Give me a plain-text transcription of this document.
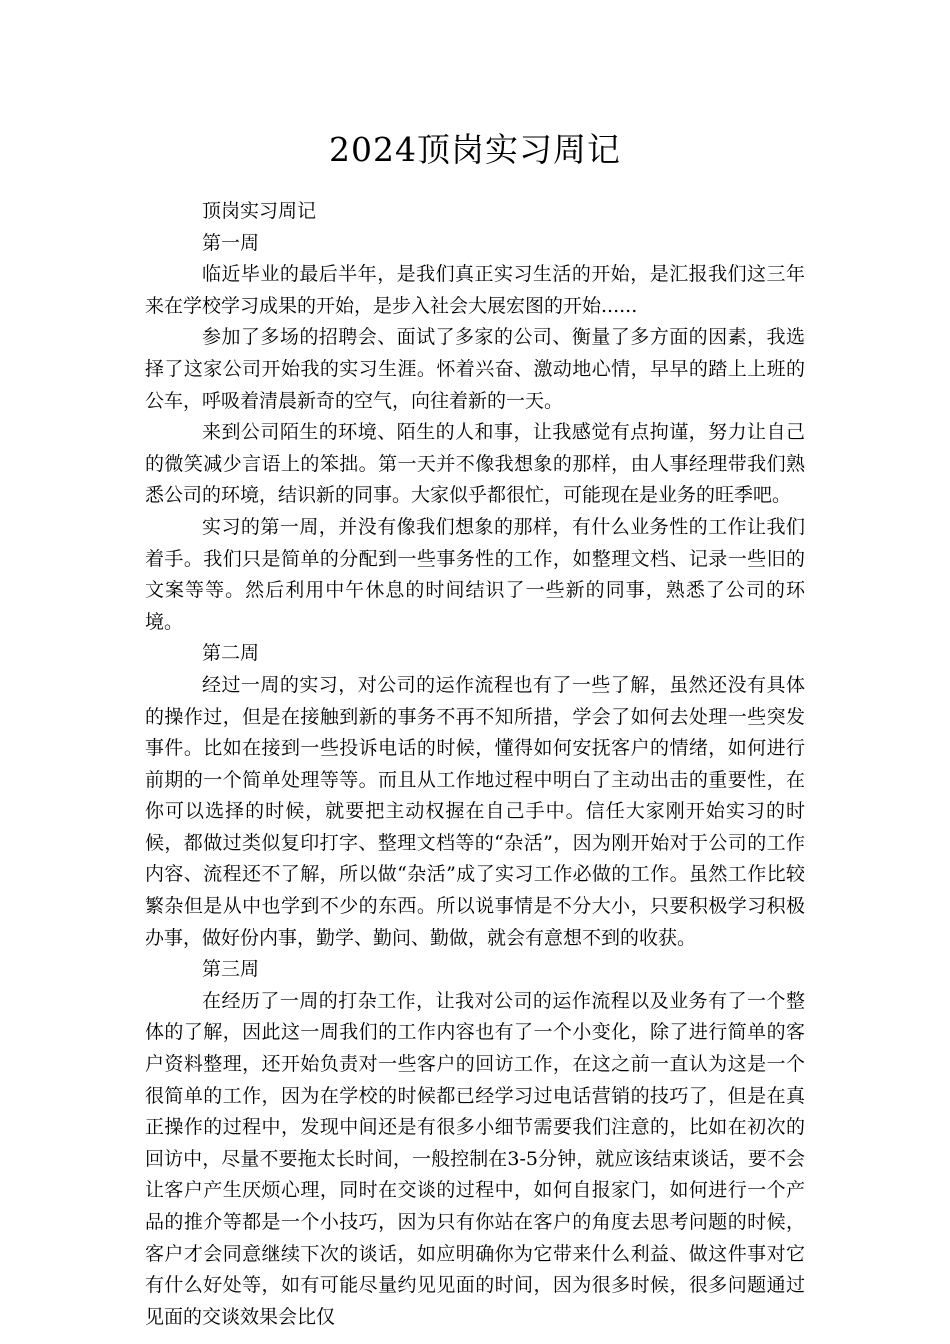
2024顶岗实习周记

顶岗实习周记

第一周

临近毕业的最后半年，是我们真正实习生活的开始，是汇报我们这三年来在学校学习成果的开始，是步入社会大展宏图的开始......

参加了多场的招聘会、面试了多家的公司、衡量了多方面的因素，我选择了这家公司开始我的实习生涯。怀着兴奋、激动地心情，早早的踏上上班的公车，呼吸着清晨新奇的空气，向往着新的一天。

来到公司陌生的环境、陌生的人和事，让我感觉有点拘谨，努力让自己的微笑减少言语上的笨拙。第一天并不像我想象的那样，由人事经理带我们熟悉公司的环境，结识新的同事。大家似乎都很忙，可能现在是业务的旺季吧。

实习的第一周，并没有像我们想象的那样，有什么业务性的工作让我们着手。我们只是简单的分配到一些事务性的工作，如整理文档、记录一些旧的文案等等。然后利用中午休息的时间结识了一些新的同事，熟悉了公司的环境。

第二周

经过一周的实习，对公司的运作流程也有了一些了解，虽然还没有具体的操作过，但是在接触到新的事务不再不知所措，学会了如何去处理一些突发事件。比如在接到一些投诉电话的时候，懂得如何安抚客户的情绪，如何进行前期的一个简单处理等等。而且从工作地过程中明白了主动出击的重要性，在你可以选择的时候，就要把主动权握在自己手中。信任大家刚开始实习的时候，都做过类似复印打字、整理文档等的“杂活”，因为刚开始对于公司的工作内容、流程还不了解，所以做“杂活”成了实习工作必做的工作。虽然工作比较繁杂但是从中也学到不少的东西。所以说事情是不分大小，只要积极学习积极办事，做好份内事，勤学、勤问、勤做，就会有意想不到的收获。

第三周

在经历了一周的打杂工作，让我对公司的运作流程以及业务有了一个整体的了解，因此这一周我们的工作内容也有了一个小变化，除了进行简单的客户资料整理，还开始负责对一些客户的回访工作，在这之前一直认为这是一个很简单的工作，因为在学校的时候都已经学习过电话营销的技巧了，但是在真正操作的过程中，发现中间还是有很多小细节需要我们注意的，比如在初次的回访中，尽量不要拖太长时间，一般控制在3-5分钟，就应该结束谈话，要不会让客户产生厌烦心理，同时在交谈的过程中，如何自报家门，如何进行一个产品的推介等都是一个小技巧，因为只有你站在客户的角度去思考问题的时候，客户才会同意继续下次的谈话，如应明确你为它带来什么利益、做这件事对它有什么好处等，如有可能尽量约见见面的时间，因为很多时候，很多问题通过见面的交谈效果会比仅
